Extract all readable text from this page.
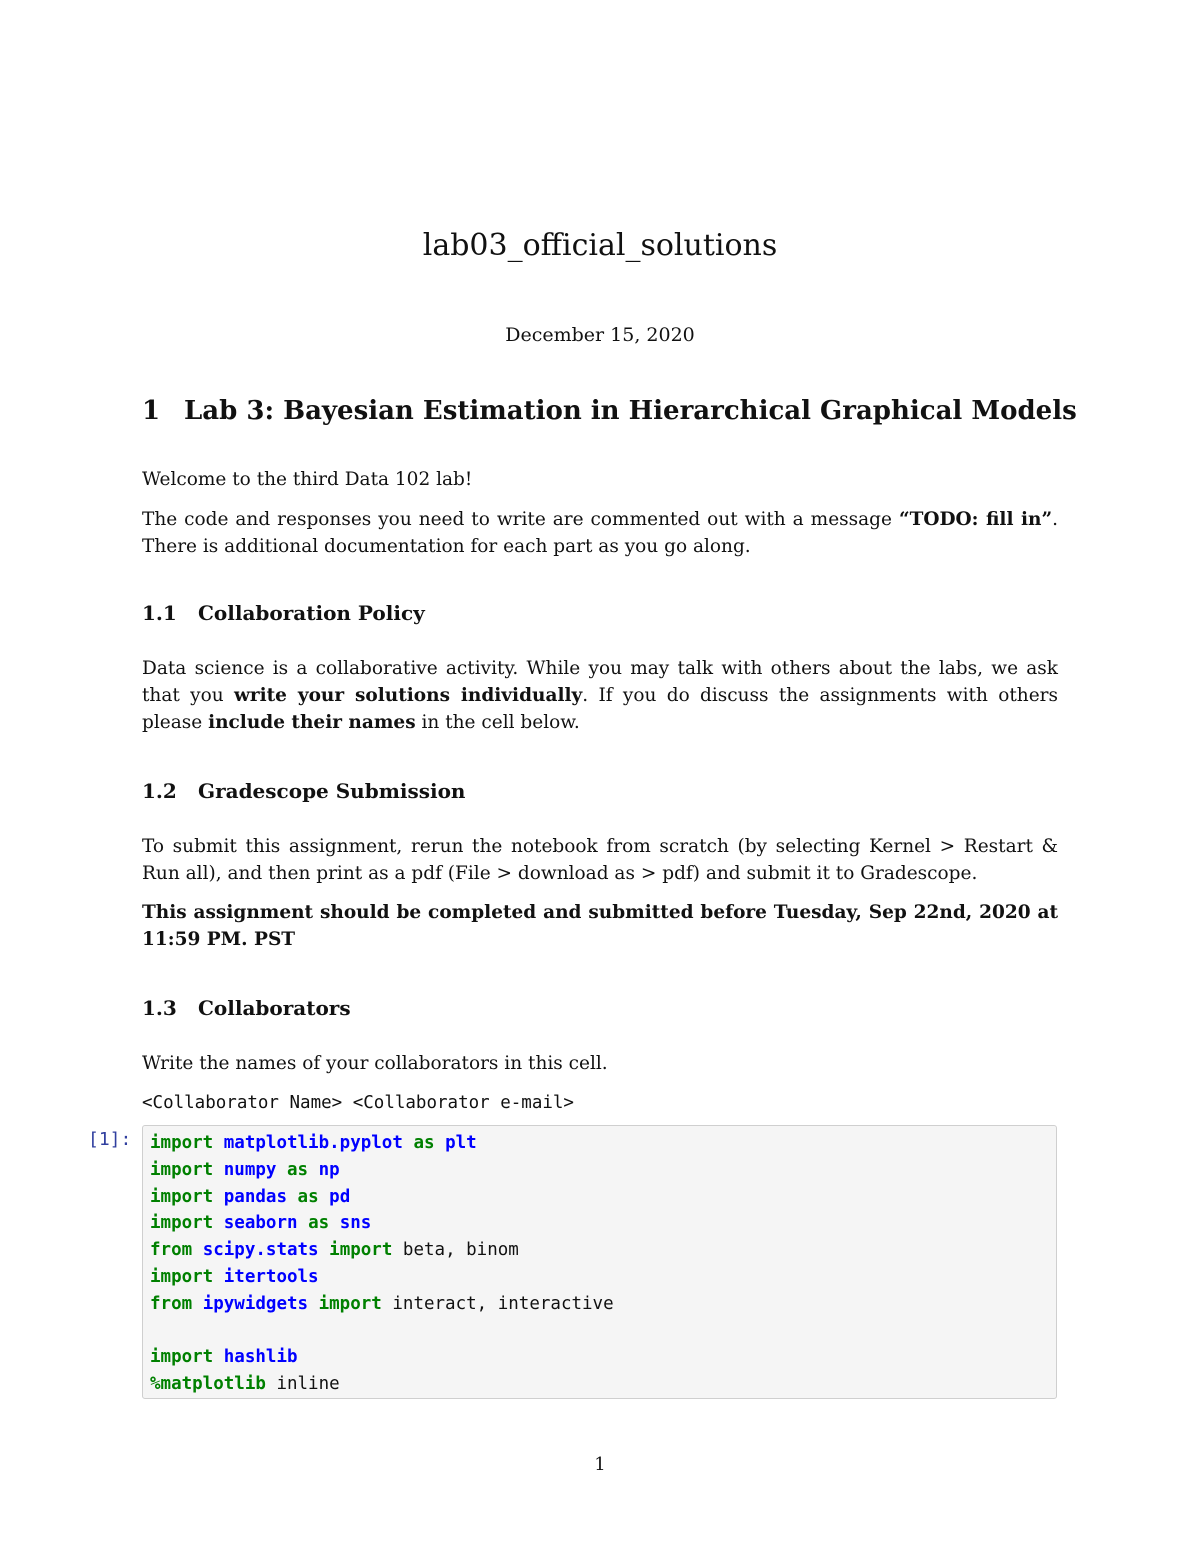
lab03_official_solutions

December 15, 2020

1 Lab 3: Bayesian Estimation in Hierarchical Graphical Models

Welcome to the third Data 102 lab!

The code and responses you need to write are commented out with a message “TODO: fill in”. There is additional documentation for each part as you go along.

1.1 Collaboration Policy

Data science is a collaborative activity. While you may talk with others about the labs, we ask that you write your solutions individually. If you do discuss the assignments with others please include their names in the cell below.

1.2 Gradescope Submission

To submit this assignment, rerun the notebook from scratch (by selecting Kernel > Restart & Run all), and then print as a pdf (File > download as > pdf) and submit it to Gradescope.

This assignment should be completed and submitted before Tuesday, Sep 22nd, 2020 at 11:59 PM. PST

1.3 Collaborators

Write the names of your collaborators in this cell.

<Collaborator Name> <Collaborator e-mail>

[1]: import matplotlib.pyplot as plt
import numpy as np
import pandas as pd
import seaborn as sns
from scipy.stats import beta, binom
import itertools
from ipywidgets import interact, interactive

import hashlib
%matplotlib inline

1
